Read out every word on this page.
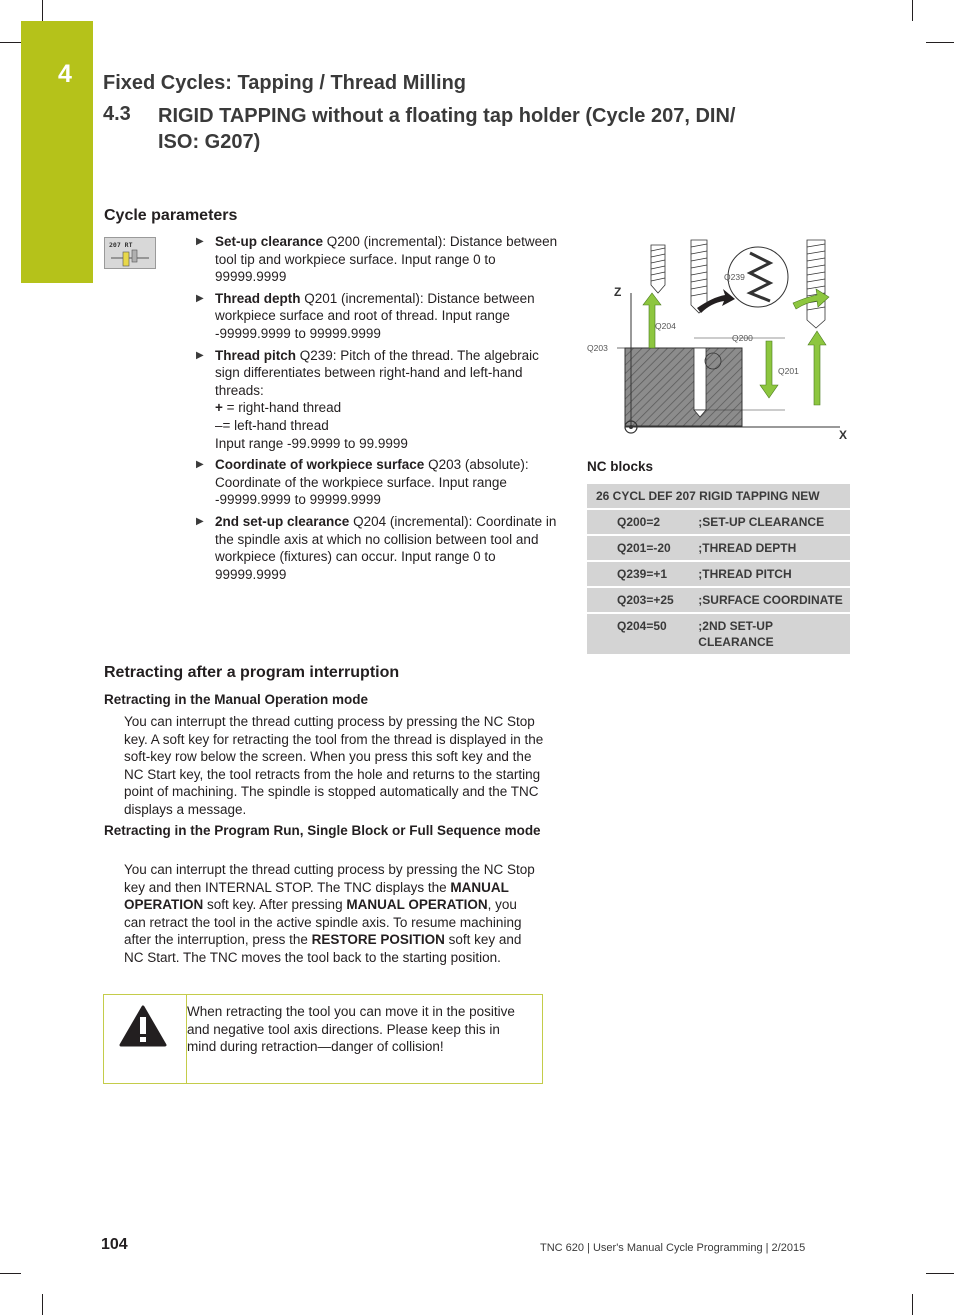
4 Fixed Cycles: Tapping / Thread Milling
4.3 RIGID TAPPING without a floating tap holder (Cycle 207, DIN/ ISO: G207)
Cycle parameters
207 RT	▶ Set-up clearance Q200 (incremental): Distance between tool tip and workpiece surface. Input range 0 to 99999.9999
▶ Thread depth Q201 (incremental): Distance between workpiece surface and root of thread. Input range -99999.9999 to 99999.9999
▶ Thread pitch Q239: Pitch of the thread. The algebraic sign differentiates between right-hand and left-hand threads:
+ = right-hand thread
–= left-hand thread
Input range -99.9999 to 99.9999
▶ Coordinate of workpiece surface Q203 (absolute): Coordinate of the workpiece surface. Input range -99999.9999 to 99999.9999
▶ 2nd set-up clearance Q204 (incremental): Coordinate in the spindle axis at which no collision between tool and workpiece (fixtures) can occur. Input range 0 to 99999.9999
Z
X
Q203
Q239
Q204
Q200
Q201
NC blocks
26 CYCL DEF 207 RIGID TAPPING NEW	
Q200=2	;SET-UP CLEARANCE
Q201=-20	;THREAD DEPTH
Q239=+1	;THREAD PITCH
Q203=+25	;SURFACE COORDINATE
Q204=50	;2ND SET-UP CLEARANCE
Retracting after a program interruption
Retracting in the Manual Operation mode
You can interrupt the thread cutting process by pressing the NC Stop key. A soft key for retracting the tool from the thread is displayed in the soft-key row below the screen. When you press this soft key and the NC Start key, the tool retracts from the hole and returns to the starting point of machining. The spindle is stopped automatically and the TNC displays a message.
Retracting in the Program Run, Single Block or Full Sequence mode
You can interrupt the thread cutting process by pressing the NC Stop key and then INTERNAL STOP. The TNC displays the MANUAL OPERATION soft key. After pressing MANUAL OPERATION, you can retract the tool in the active spindle axis. To resume machining after the interruption, press the RESTORE POSITION soft key and NC Start. The TNC moves the tool back to the starting position.
When retracting the tool you can move it in the positive and negative tool axis directions. Please keep this in mind during retraction—danger of collision!
104	TNC 620 | User's Manual Cycle Programming | 2/2015
